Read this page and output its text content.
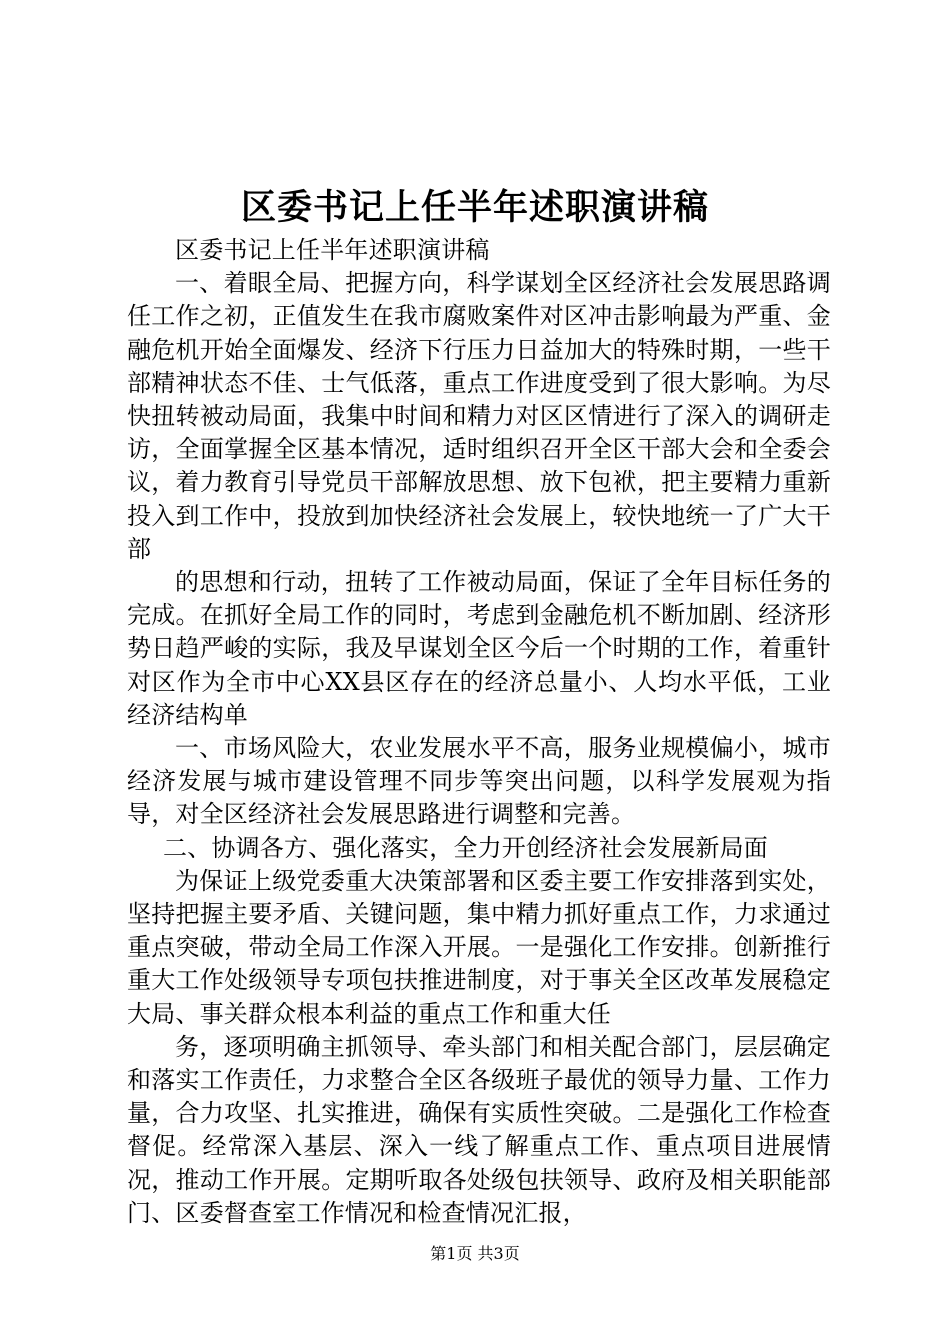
区委书记上任半年述职演讲稿

区委书记上任半年述职演讲稿

一、着眼全局、把握方向，科学谋划全区经济社会发展思路调任工作之初，正值发生在我市腐败案件对区冲击影响最为严重、金融危机开始全面爆发、经济下行压力日益加大的特殊时期，一些干部精神状态不佳、士气低落，重点工作进度受到了很大影响。为尽快扭转被动局面，我集中时间和精力对区区情进行了深入的调研走访，全面掌握全区基本情况，适时组织召开全区干部大会和全委会议，着力教育引导党员干部解放思想、放下包袱，把主要精力重新投入到工作中，投放到加快经济社会发展上，较快地统一了广大干部

的思想和行动，扭转了工作被动局面，保证了全年目标任务的完成。在抓好全局工作的同时，考虑到金融危机不断加剧、经济形势日趋严峻的实际，我及早谋划全区今后一个时期的工作，着重针对区作为全市中心XX县区存在的经济总量小、人均水平低，工业经济结构单

一、市场风险大，农业发展水平不高，服务业规模偏小，城市经济发展与城市建设管理不同步等突出问题，以科学发展观为指导，对全区经济社会发展思路进行调整和完善。

二、协调各方、强化落实，全力开创经济社会发展新局面

为保证上级党委重大决策部署和区委主要工作安排落到实处，坚持把握主要矛盾、关键问题，集中精力抓好重点工作，力求通过重点突破，带动全局工作深入开展。一是强化工作安排。创新推行重大工作处级领导专项包扶推进制度，对于事关全区改革发展稳定大局、事关群众根本利益的重点工作和重大任

务，逐项明确主抓领导、牵头部门和相关配合部门，层层确定和落实工作责任，力求整合全区各级班子最优的领导力量、工作力量，合力攻坚、扎实推进，确保有实质性突破。二是强化工作检查督促。经常深入基层、深入一线了解重点工作、重点项目进展情况，推动工作开展。定期听取各处级包扶领导、政府及相关职能部门、区委督查室工作情况和检查情况汇报，

第1页 共3页
